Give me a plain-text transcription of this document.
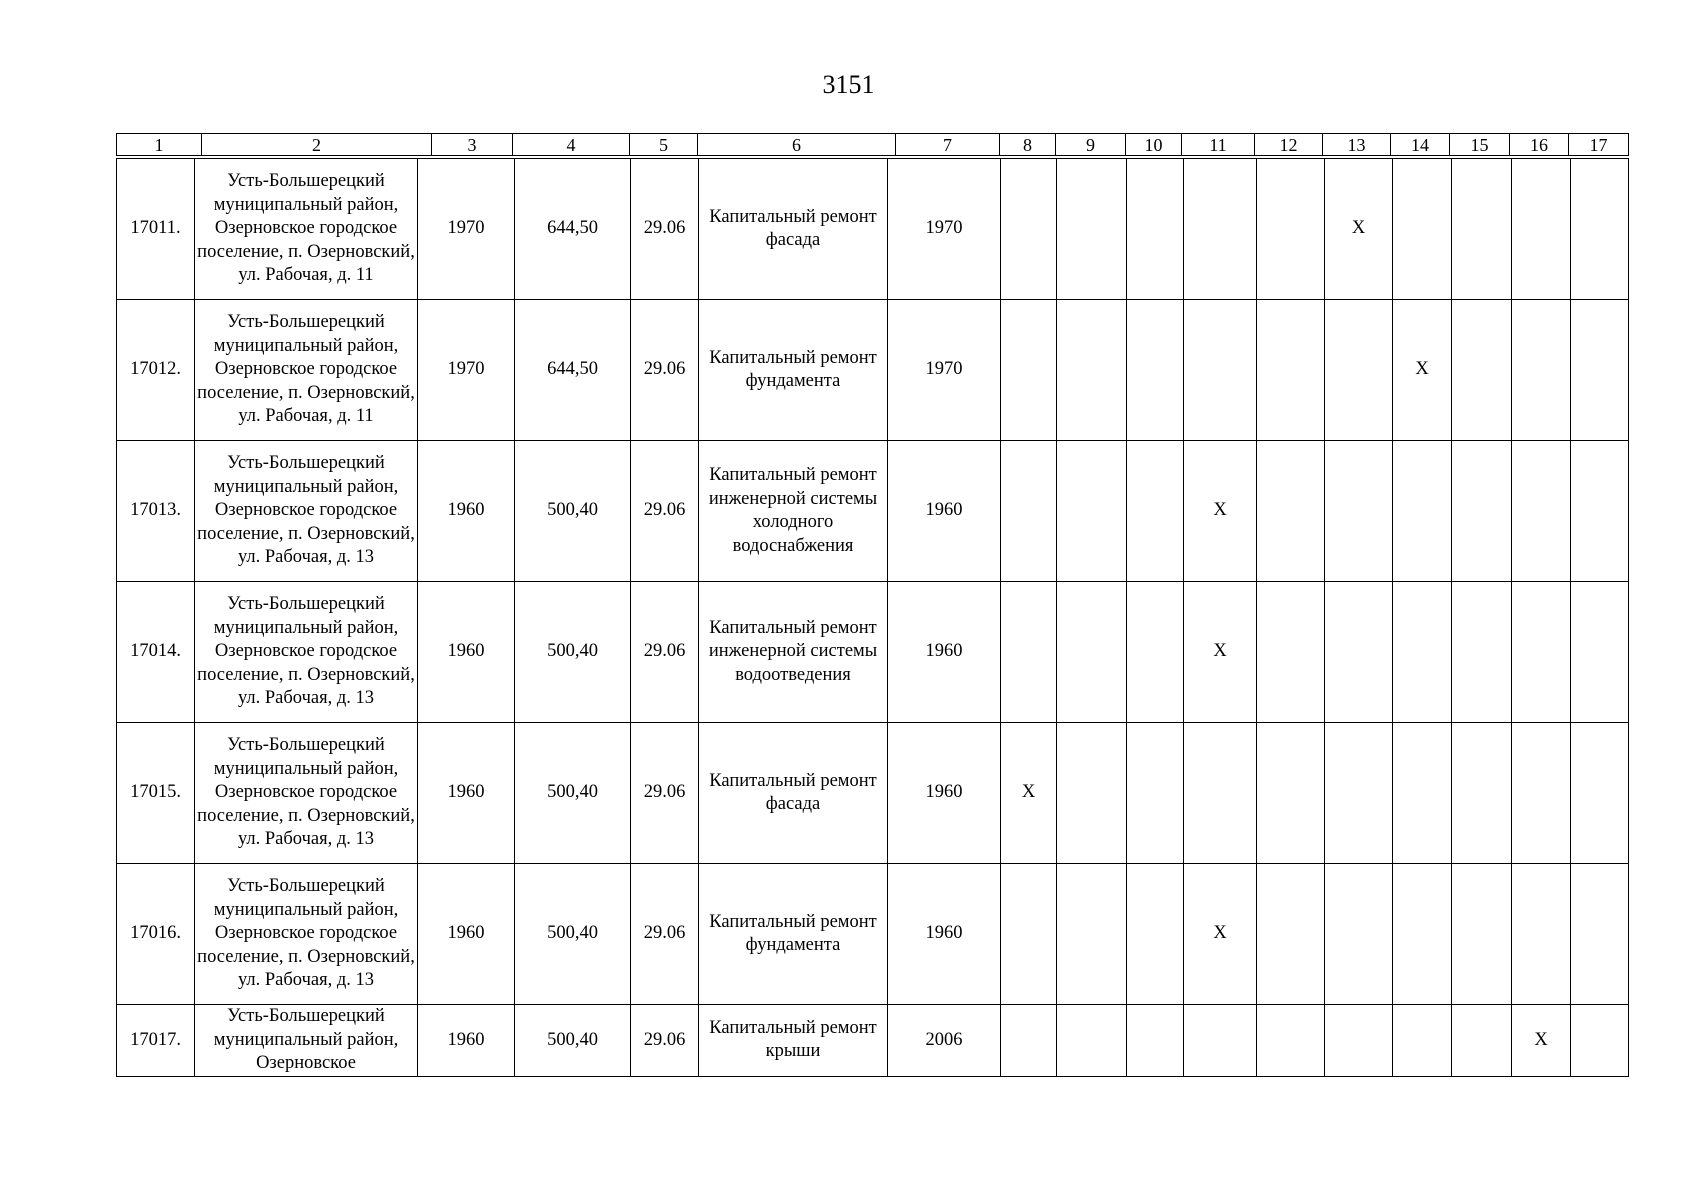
3151
1	2	3	4	5	6	7	8	9	10	11	12	13	14	15	16	17
17011.	Усть-Большерецкий муниципальный район, Озерновское городское поселение, п. Озерновский, ул. Рабочая, д. 11	1970	644,50	29.06	Капитальный ремонт фасада	1970						X				
17012.	Усть-Большерецкий муниципальный район, Озерновское городское поселение, п. Озерновский, ул. Рабочая, д. 11	1970	644,50	29.06	Капитальный ремонт фундамента	1970							X			
17013.	Усть-Большерецкий муниципальный район, Озерновское городское поселение, п. Озерновский, ул. Рабочая, д. 13	1960	500,40	29.06	Капитальный ремонт инженерной системы холодного водоснабжения	1960				X						
17014.	Усть-Большерецкий муниципальный район, Озерновское городское поселение, п. Озерновский, ул. Рабочая, д. 13	1960	500,40	29.06	Капитальный ремонт инженерной системы водоотведения	1960				X						
17015.	Усть-Большерецкий муниципальный район, Озерновское городское поселение, п. Озерновский, ул. Рабочая, д. 13	1960	500,40	29.06	Капитальный ремонт фасада	1960	X									
17016.	Усть-Большерецкий муниципальный район, Озерновское городское поселение, п. Озерновский, ул. Рабочая, д. 13	1960	500,40	29.06	Капитальный ремонт фундамента	1960				X						
17017.	Усть-Большерецкий муниципальный район, Озерновское	1960	500,40	29.06	Капитальный ремонт крыши	2006									X	
